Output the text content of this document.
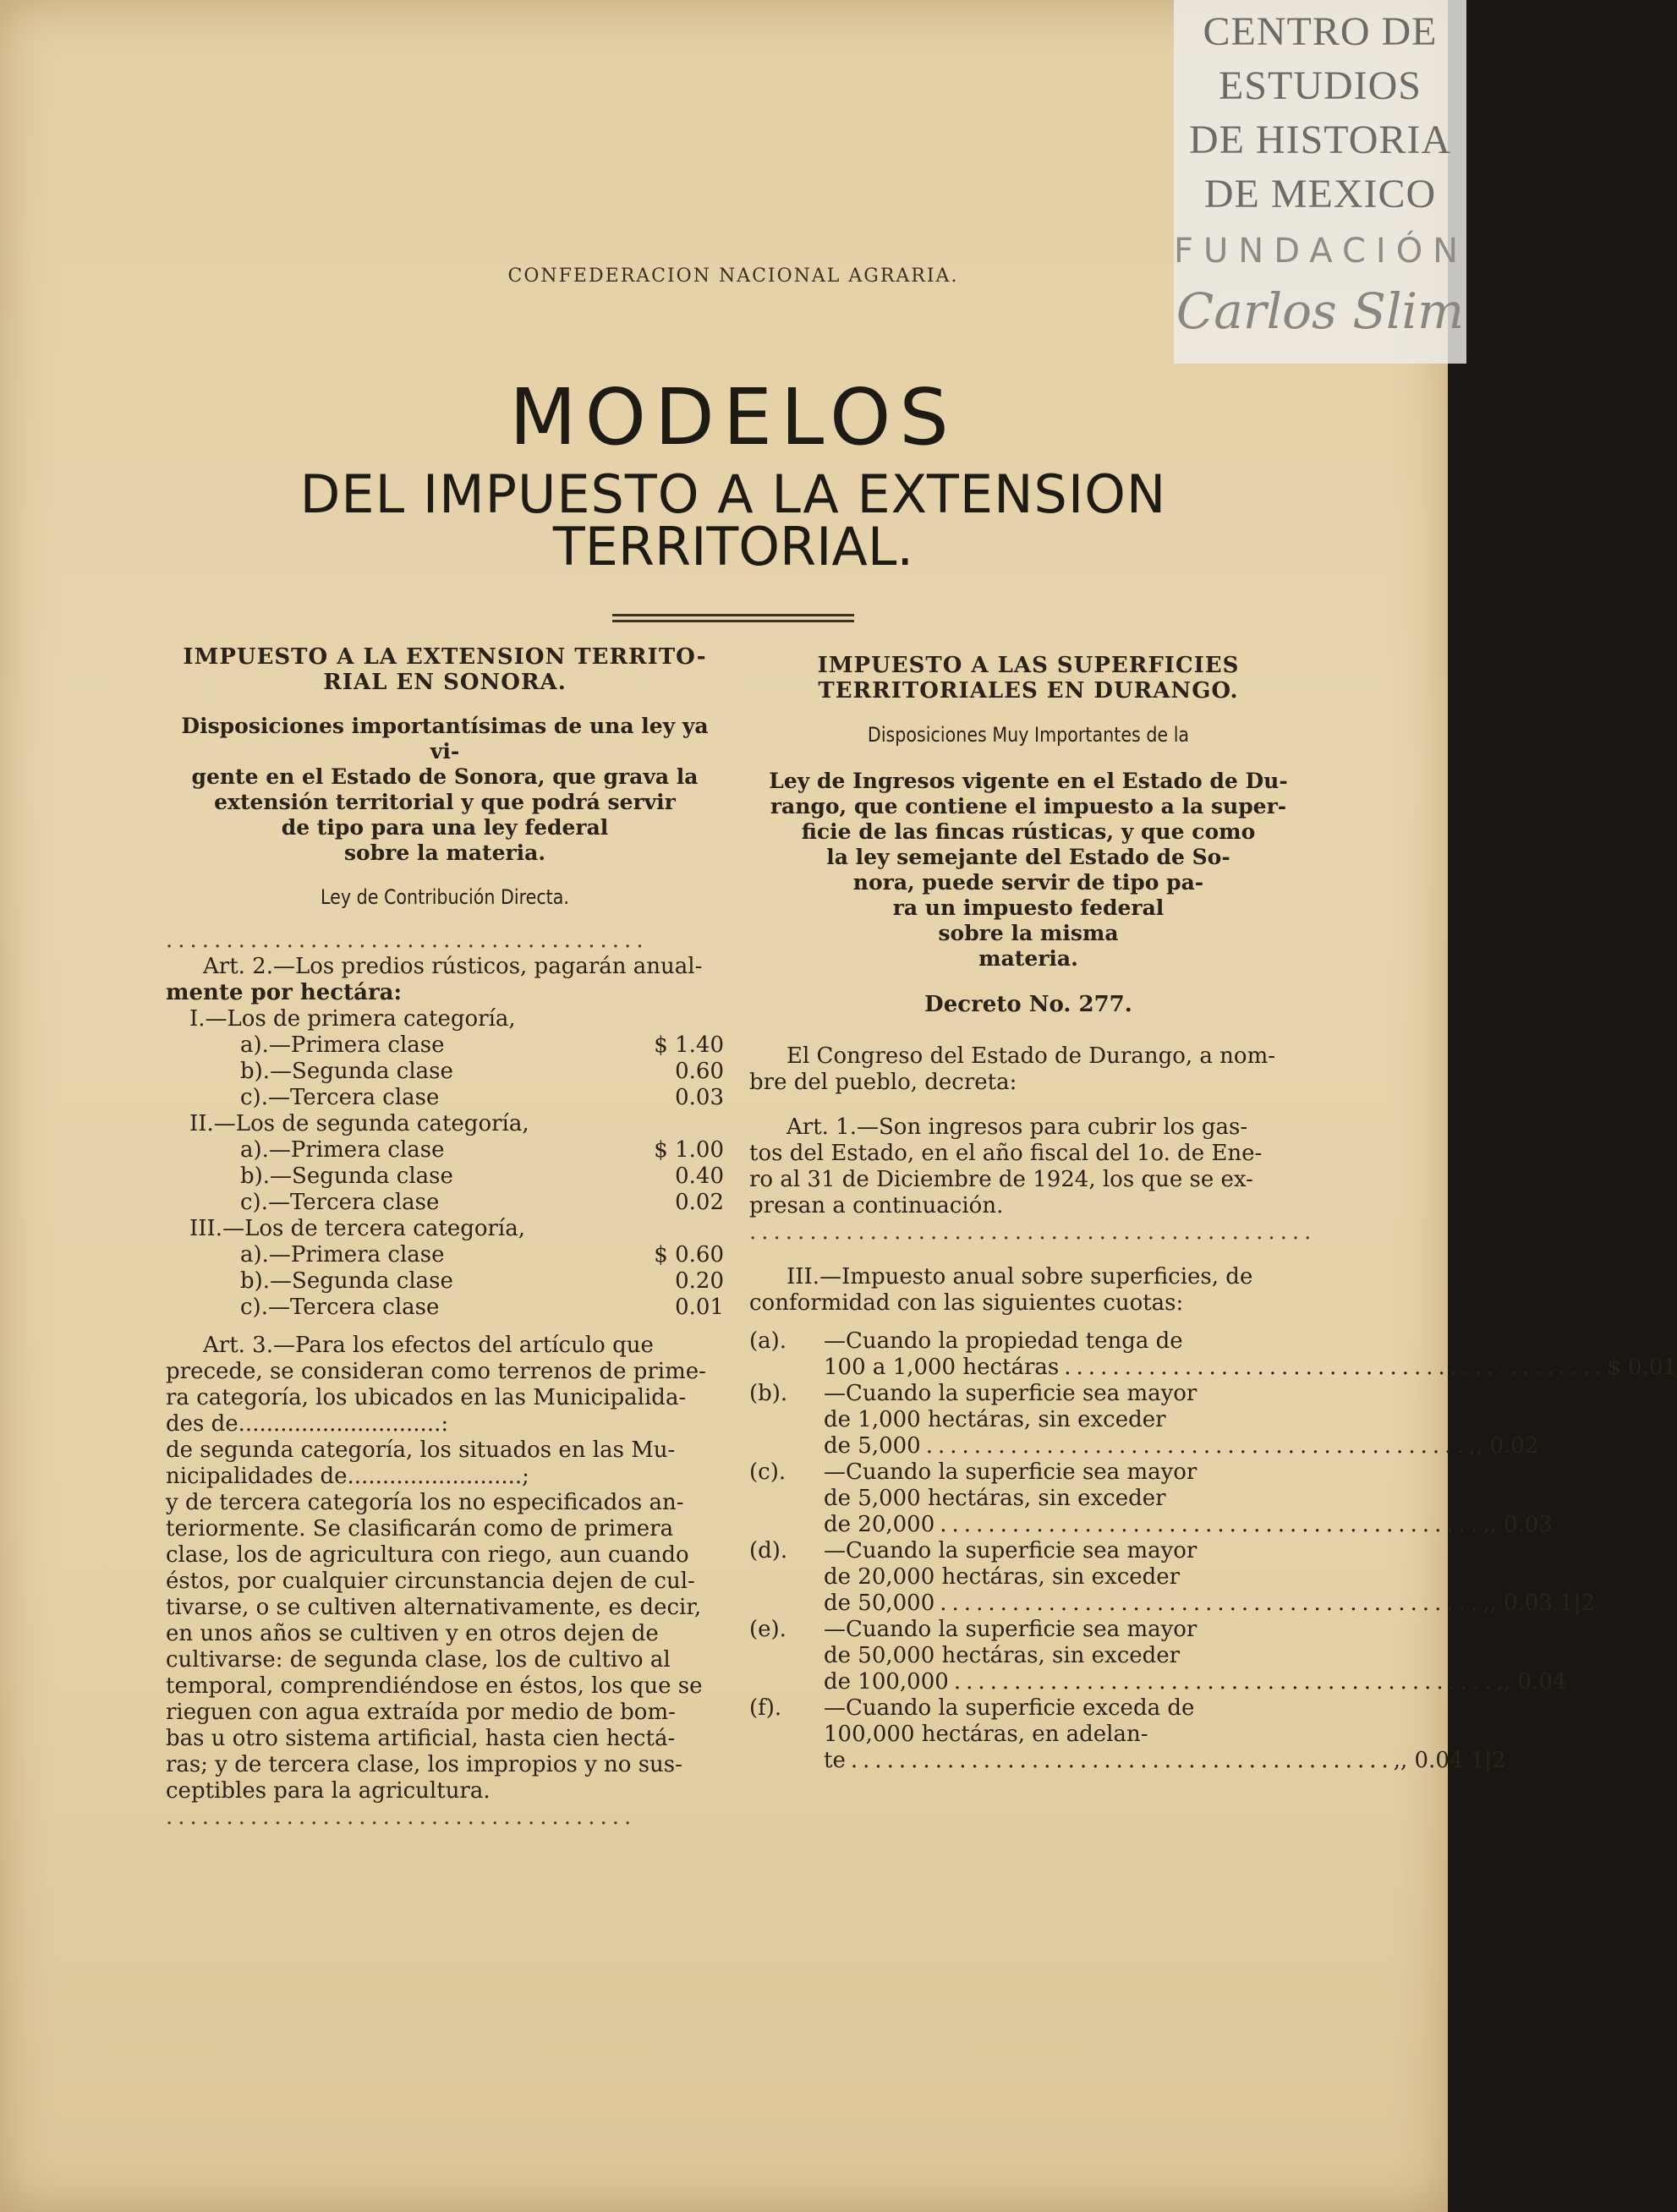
CONFEDERACION NACIONAL AGRARIA.
MODELOS
DEL IMPUESTO A LA EXTENSION
TERRITORIAL.
IMPUESTO A LA EXTENSION TERRITO-
RIAL EN SONORA.
Disposiciones importantísimas de una ley ya vi-
gente en el Estado de Sonora, que grava la
extensión territorial y que podrá servir
de tipo para una ley federal
sobre la materia.
Ley de Contribución Directa.
........................................
Art. 2.—Los predios rústicos, pagarán anual-
mente por hectára:
I.—Los de primera categoría,
a).—Primera clase	$ 1.40
b).—Segunda clase	0.60
c).—Tercera clase	0.03
II.—Los de segunda categoría,
a).—Primera clase	$ 1.00
b).—Segunda clase	0.40
c).—Tercera clase	0.02
III.—Los de tercera categoría,
a).—Primera clase	$ 0.60
b).—Segunda clase	0.20
c).—Tercera clase	0.01
Art. 3.—Para los efectos del artículo que
precede, se consideran como terrenos de prime-
ra categoría, los ubicados en las Municipalida-
des de.............................:
de segunda categoría, los situados en las Mu-
nicipalidades de.........................;
y de tercera categoría los no especificados an-
teriormente. Se clasificarán como de primera
clase, los de agricultura con riego, aun cuando
éstos, por cualquier circunstancia dejen de cul-
tivarse, o se cultiven alternativamente, es decir,
en unos años se cultiven y en otros dejen de
cultivarse: de segunda clase, los de cultivo al
temporal, comprendiéndose en éstos, los que se
rieguen con agua extraída por medio de bom-
bas u otro sistema artificial, hasta cien hectá-
ras; y de tercera clase, los impropios y no sus-
ceptibles para la agricultura.
.......................................
IMPUESTO A LAS SUPERFICIES
TERRITORIALES EN DURANGO.
Disposiciones Muy Importantes de la
Ley de Ingresos vigente en el Estado de Du-
rango, que contiene el impuesto a la super-
ficie de las fincas rústicas, y que como
la ley semejante del Estado de So-
nora, puede servir de tipo pa-
ra un impuesto federal
sobre la misma
materia.
Decreto No. 277.
El Congreso del Estado de Durango, a nom-
bre del pueblo, decreta:
Art. 1.—Son ingresos para cubrir los gas-
tos del Estado, en el año fiscal del 1o. de Ene-
ro al 31 de Diciembre de 1924, los que se ex-
presan a continuación.
...............................................
III.—Impuesto anual sobre superficies, de
conformidad con las siguientes cuotas:
(a).	—Cuando la propiedad tenga de
100 a 1,000 hectáras ............................................. $ 0.01
(b).	—Cuando la superficie sea mayor
de 1,000 hectáras, sin exceder
de 5,000 ............................................. ,, 0.02
(c).	—Cuando la superficie sea mayor
de 5,000 hectáras, sin exceder
de 20,000 ............................................. ,, 0.03
(d).	—Cuando la superficie sea mayor
de 20,000 hectáras, sin exceder
de 50,000 ............................................. ,, 0.03 1|2
(e).	—Cuando la superficie sea mayor
de 50,000 hectáras, sin exceder
de 100,000 ............................................. ,, 0.04
(f).	—Cuando la superficie exceda de
100,000 hectáras, en adelan-
te ............................................. ,, 0.04 1|2
CENTRO DE
ESTUDIOS
DE HISTORIA
DE MEXICO
FUNDACIÓN
Carlos Slim
